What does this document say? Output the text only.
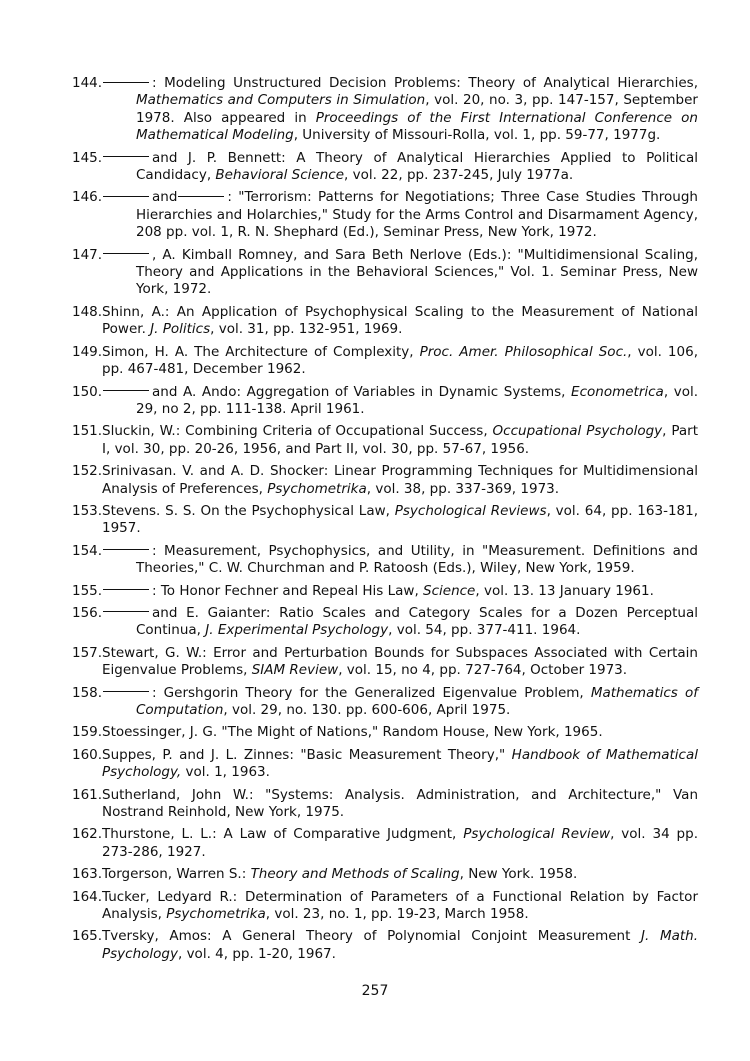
144.	: Modeling Unstructured Decision Problems: Theory of Analytical Hierarchies, Mathematics and Computers in Simulation, vol. 20, no. 3, pp. 147-157, September 1978. Also appeared in Proceedings of the First International Conference on Mathematical Modeling, University of Missouri-Rolla, vol. 1, pp. 59-77, 1977g.
145.	and J. P. Bennett: A Theory of Analytical Hierarchies Applied to Political Candidacy, Behavioral Science, vol. 22, pp. 237-245, July 1977a.
146.	and	: "Terrorism: Patterns for Negotiations; Three Case Studies Through Hierarchies and Holarchies," Study for the Arms Control and Disarmament Agency, 208 pp. vol. 1, R. N. Shephard (Ed.), Seminar Press, New York, 1972.
147.	, A. Kimball Romney, and Sara Beth Nerlove (Eds.): "Multidimensional Scaling, Theory and Applications in the Behavioral Sciences," Vol. 1. Seminar Press, New York, 1972.
148. Shinn, A.: An Application of Psychophysical Scaling to the Measurement of National Power. J. Politics, vol. 31, pp. 132-951, 1969.
149. Simon, H. A. The Architecture of Complexity, Proc. Amer. Philosophical Soc., vol. 106, pp. 467-481, December 1962.
150.	and A. Ando: Aggregation of Variables in Dynamic Systems, Econometrica, vol. 29, no 2, pp. 111-138. April 1961.
151. Sluckin, W.: Combining Criteria of Occupational Success, Occupational Psychology, Part I, vol. 30, pp. 20-26, 1956, and Part II, vol. 30, pp. 57-67, 1956.
152. Srinivasan. V. and A. D. Shocker: Linear Programming Techniques for Multidimensional Analysis of Preferences, Psychometrika, vol. 38, pp. 337-369, 1973.
153. Stevens. S. S. On the Psychophysical Law, Psychological Reviews, vol. 64, pp. 163-181, 1957.
154.	: Measurement, Psychophysics, and Utility, in "Measurement. Definitions and Theories," C. W. Churchman and P. Ratoosh (Eds.), Wiley, New York, 1959.
155.	: To Honor Fechner and Repeal His Law, Science, vol. 13. 13 January 1961.
156.	and E. Gaianter: Ratio Scales and Category Scales for a Dozen Perceptual Continua, J. Experimental Psychology, vol. 54, pp. 377-411. 1964.
157. Stewart, G. W.: Error and Perturbation Bounds for Subspaces Associated with Certain Eigenvalue Problems, SIAM Review, vol. 15, no 4, pp. 727-764, October 1973.
158.	: Gershgorin Theory for the Generalized Eigenvalue Problem, Mathematics of Computation, vol. 29, no. 130. pp. 600-606, April 1975.
159. Stoessinger, J. G. "The Might of Nations," Random House, New York, 1965.
160. Suppes, P. and J. L. Zinnes: "Basic Measurement Theory," Handbook of Mathematical Psychology, vol. 1, 1963.
161. Sutherland, John W.: "Systems: Analysis. Administration, and Architecture," Van Nostrand Reinhold, New York, 1975.
162. Thurstone, L. L.: A Law of Comparative Judgment, Psychological Review, vol. 34 pp. 273-286, 1927.
163. Torgerson, Warren S.: Theory and Methods of Scaling, New York. 1958.
164. Tucker, Ledyard R.: Determination of Parameters of a Functional Relation by Factor Analysis, Psychometrika, vol. 23, no. 1, pp. 19-23, March 1958.
165. Tversky, Amos: A General Theory of Polynomial Conjoint Measurement J. Math. Psychology, vol. 4, pp. 1-20, 1967.
257
